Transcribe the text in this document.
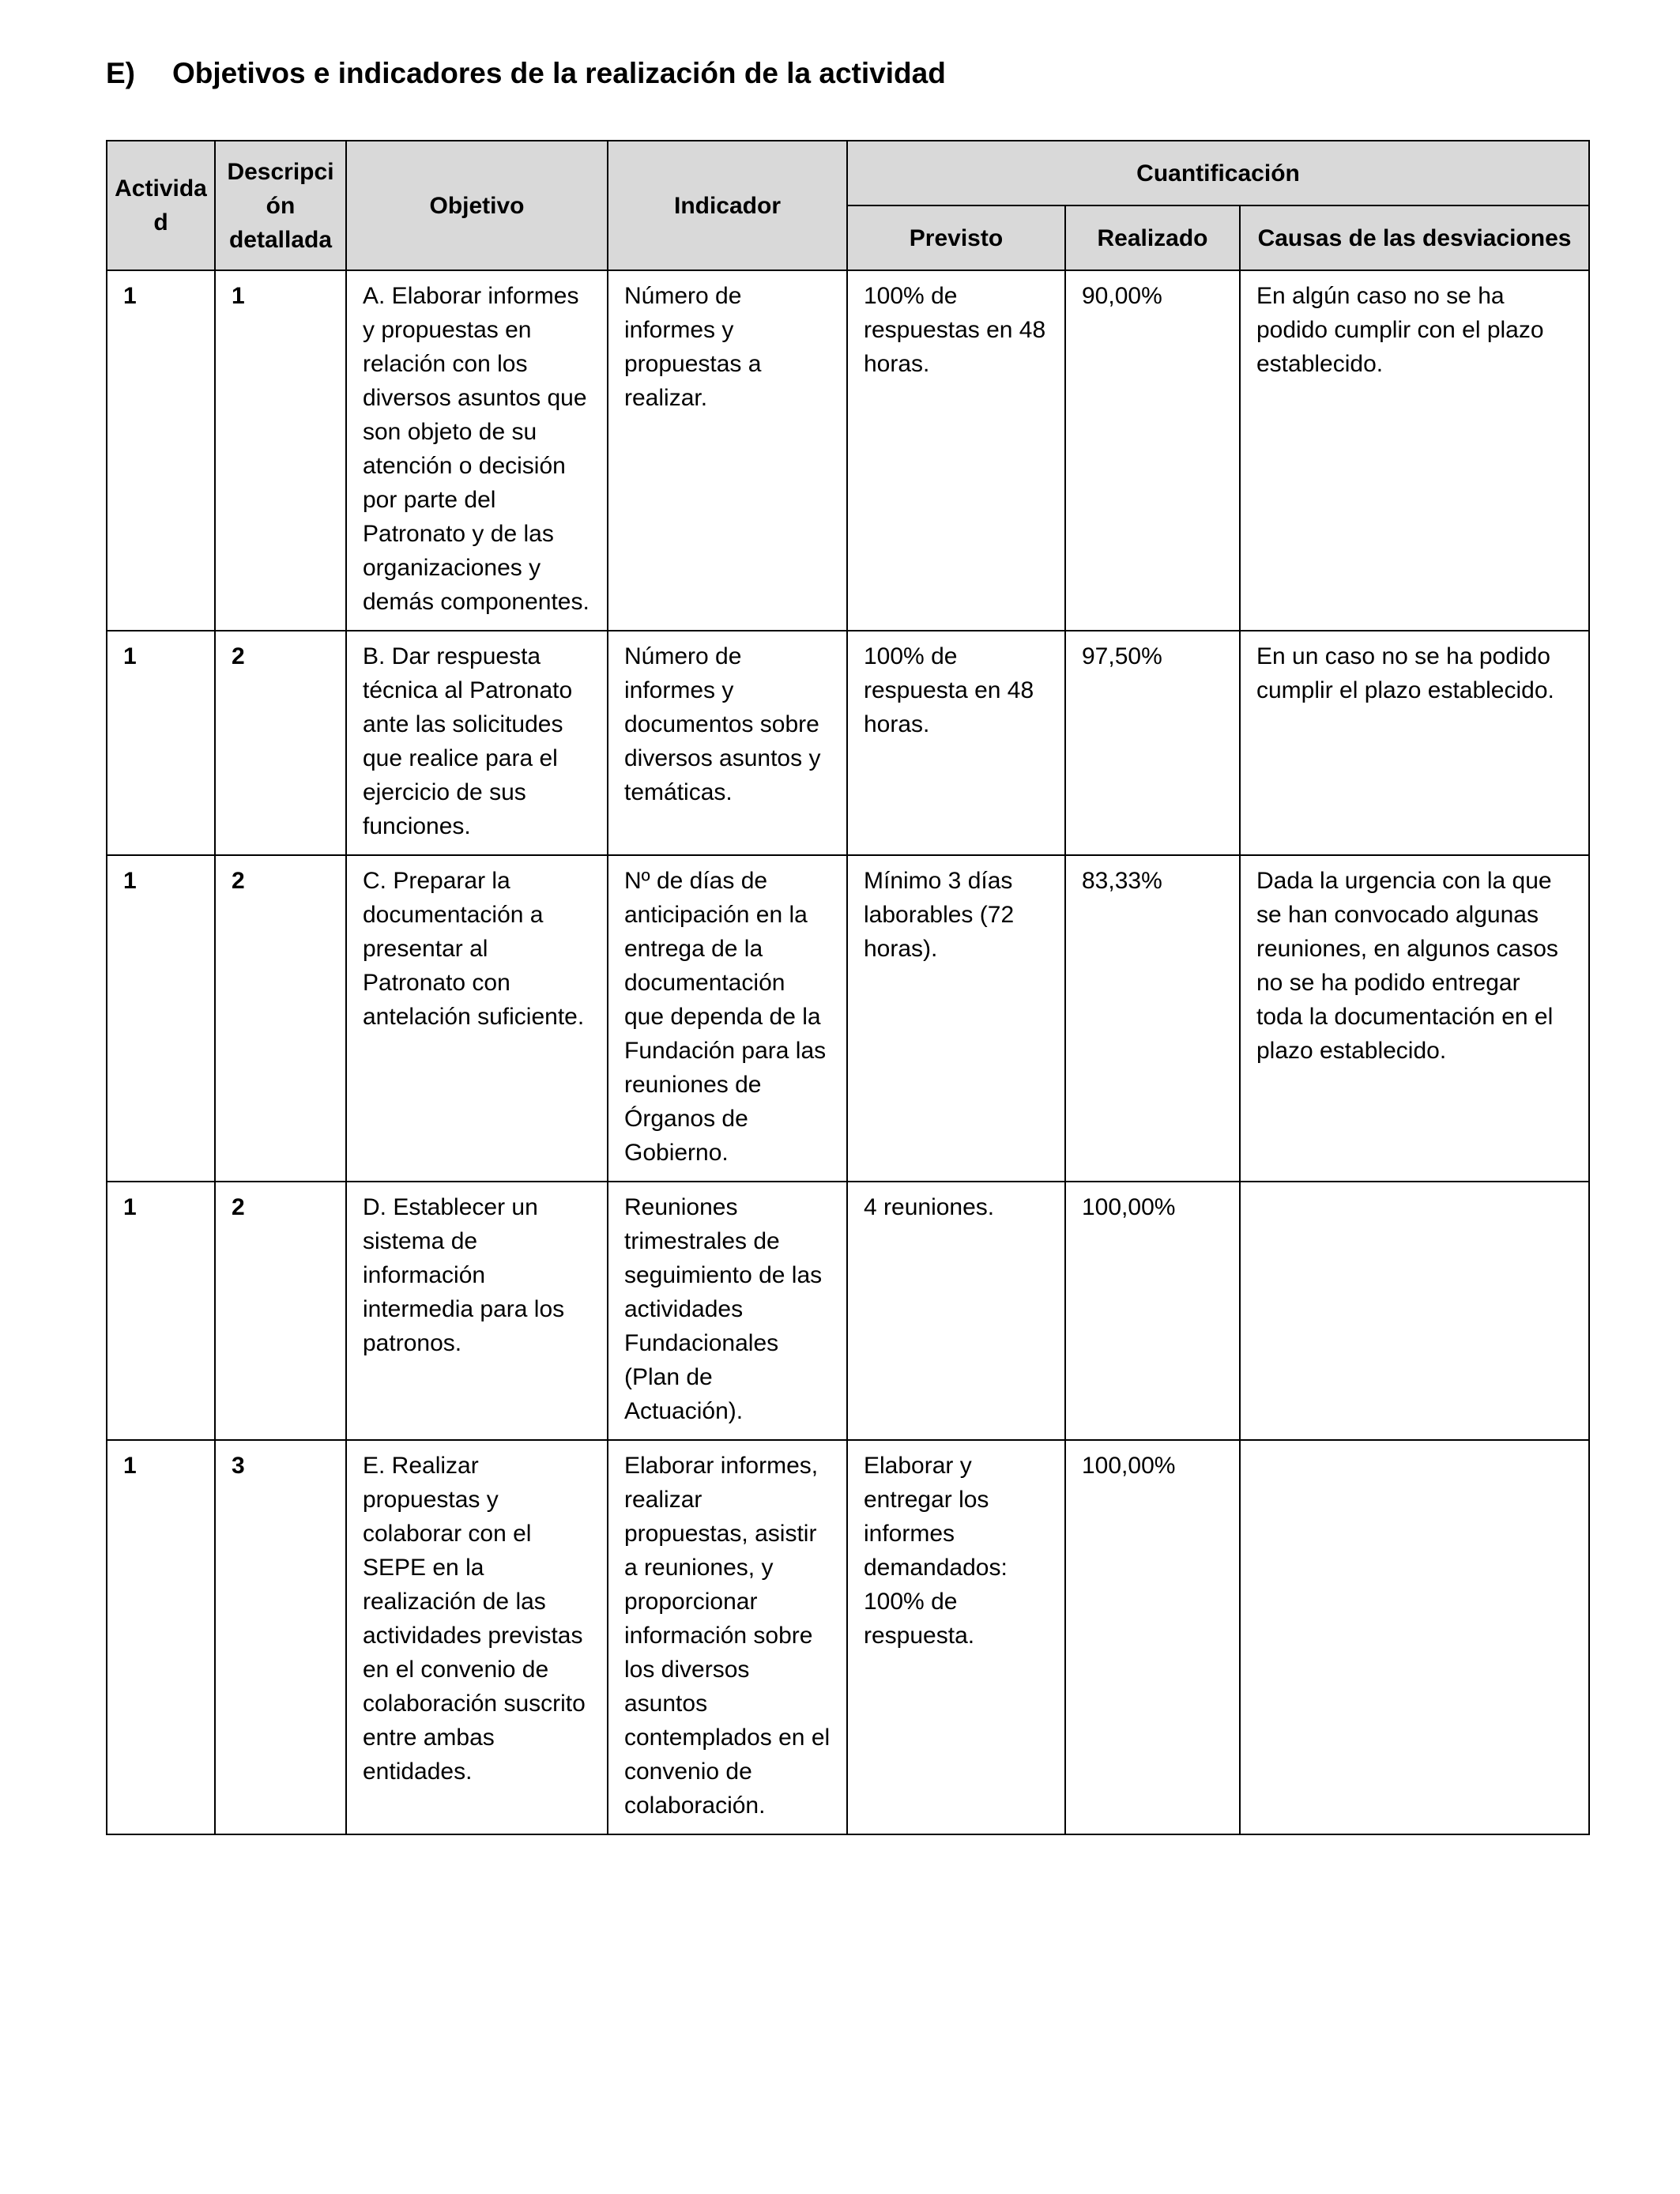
E) Objetivos e indicadores de la realización de la actividad
Actividad	Descripción detallada	Objetivo	Indicador	Cuantificación		
				Previsto	Realizado	Causas de las desviaciones
1	1	A. Elaborar informes y propuestas en relación con los diversos asuntos que son objeto de su atención o decisión por parte del Patronato y de las organizaciones y demás componentes.	Número de informes y propuestas a realizar.	100% de respuestas en 48 horas.	90,00%	En algún caso no se ha podido cumplir con el plazo establecido.
1	2	B. Dar respuesta técnica al Patronato ante las solicitudes que realice para el ejercicio de sus funciones.	Número de informes y documentos sobre diversos asuntos y temáticas.	100% de respuesta en 48 horas.	97,50%	En un caso no se ha podido cumplir el plazo establecido.
1	2	C. Preparar la documentación a presentar al Patronato con antelación suficiente.	Nº de días de anticipación en la entrega de la documentación que dependa de la Fundación para las reuniones de Órganos de Gobierno.	Mínimo 3 días laborables (72 horas).	83,33%	Dada la urgencia con la que se han convocado algunas reuniones, en algunos casos no se ha podido entregar toda la documentación en el plazo establecido.
1	2	D. Establecer un sistema de información intermedia para los patronos.	Reuniones trimestrales de seguimiento de las actividades Fundacionales (Plan de Actuación).	4 reuniones.	100,00%	
1	3	E. Realizar propuestas y colaborar con el SEPE en la realización de las actividades previstas en el convenio de colaboración suscrito entre ambas entidades.	Elaborar informes, realizar propuestas, asistir a reuniones, y proporcionar información sobre los diversos asuntos contemplados en el convenio de colaboración.	Elaborar y entregar los informes demandados: 100% de respuesta.	100,00%	
